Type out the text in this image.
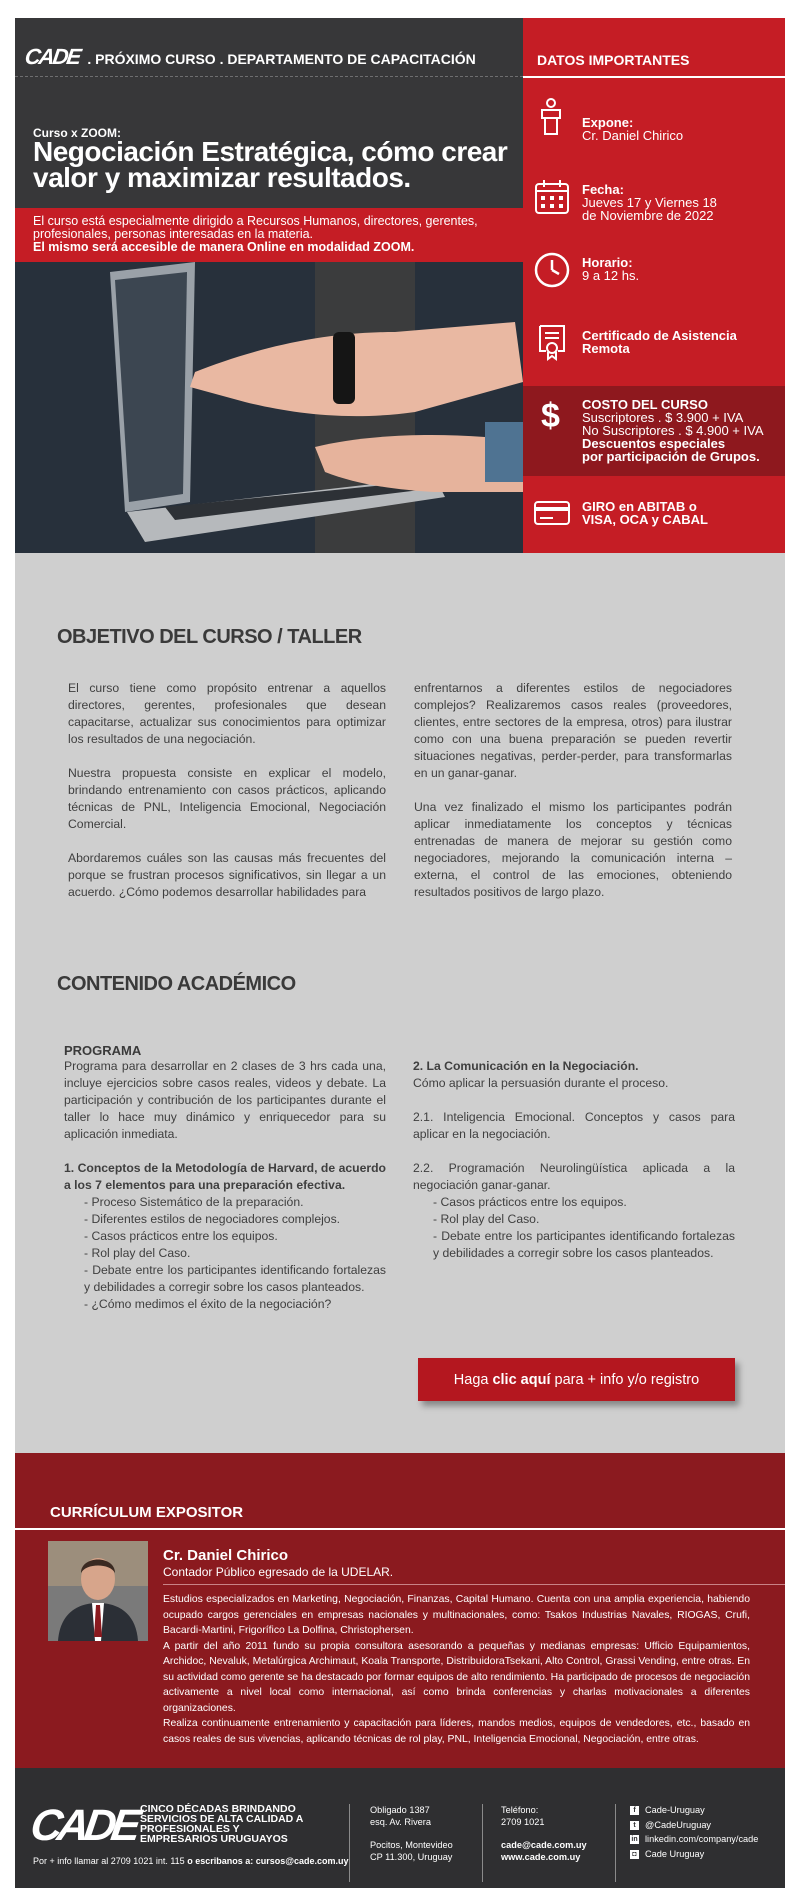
CADE . PRÓXIMO CURSO . DEPARTAMENTO DE CAPACITACIÓN
Curso x ZOOM:
Negociación Estratégica, cómo crear valor y maximizar resultados.

El curso está especialmente dirigido a Recursos Humanos, directores, gerentes, profesionales, personas interesadas en la materia.

El mismo será accesible de manera Online en modalidad ZOOM.

DATOS IMPORTANTES
Expone:
Cr. Daniel Chirico
Fecha:
Jueves 17 y Viernes 18
de Noviembre de 2022
Horario:
9 a 12 hs.
Certificado de Asistencia
Remota
$ COSTO DEL CURSO
Suscriptores . $ 3.900 + IVA
No Suscriptores . $ 4.900 + IVA
Descuentos especiales
por participación de Grupos.
GIRO en ABITAB o
VISA, OCA y CABAL
OBJETIVO DEL CURSO / TALLER

El curso tiene como propósito entrenar a aquellos directores, gerentes, profesionales que desean capacitarse, actualizar sus conocimientos para optimizar los resultados de una negociación.

Nuestra propuesta consiste en explicar el modelo, brindando entrenamiento con casos prácticos, aplicando técnicas de PNL, Inteligencia Emocional, Negociación Comercial.

Abordaremos cuáles son las causas más frecuentes del porque se frustran procesos significativos, sin llegar a un acuerdo. ¿Cómo podemos desarrollar habilidades para

enfrentarnos a diferentes estilos de negociadores complejos? Realizaremos casos reales (proveedores, clientes, entre sectores de la empresa, otros) para ilustrar como con una buena preparación se pueden revertir situaciones negativas, perder-perder, para transformarlas en un ganar-ganar.

Una vez finalizado el mismo los participantes podrán aplicar inmediatamente los conceptos y técnicas entrenadas de manera de mejorar su gestión como negociadores, mejorando la comunicación interna –externa, el control de las emociones, obteniendo resultados positivos de largo plazo.

CONTENIDO ACADÉMICO
PROGRAMA

Programa para desarrollar en 2 clases de 3 hrs cada una, incluye ejercicios sobre casos reales, videos y debate. La participación y contribución de los participantes durante el taller lo hace muy dinámico y enriquecedor para su aplicación inmediata.

1. Conceptos de la Metodología de Harvard, de acuerdo a los 7 elementos para una preparación efectiva.

- Proceso Sistemático de la preparación.
- Diferentes estilos de negociadores complejos.
- Casos prácticos entre los equipos.
- Rol play del Caso.
- Debate entre los participantes identificando fortalezas y debilidades a corregir sobre los casos planteados.
- ¿Cómo medimos el éxito de la negociación?

2. La Comunicación en la Negociación.

Cómo aplicar la persuasión durante el proceso.

2.1. Inteligencia Emocional. Conceptos y casos para aplicar en la negociación.

2.2. Programación Neurolingüística aplicada a la negociación ganar-ganar.

- Casos prácticos entre los equipos.
- Rol play del Caso.
- Debate entre los participantes identificando fortalezas y debilidades a corregir sobre los casos planteados.
Haga clic aquí para + info y/o registro
CURRÍCULUM EXPOSITOR
Cr. Daniel Chirico
Contador Público egresado de la UDELAR.

Estudios especializados en Marketing, Negociación, Finanzas, Capital Humano. Cuenta con una amplia experiencia, habiendo ocupado cargos gerenciales en empresas nacionales y multinacionales, como: Tsakos Industrias Navales, RIOGAS, Crufi, Bacardi-Martini, Frigorífico La Dolfina, Christophersen.

A partir del año 2011 fundo su propia consultora asesorando a pequeñas y medianas empresas: Ufficio Equipamientos, Archidoc, Nevaluk, Metalúrgica Archimaut, Koala Transporte, DistribuidoraTsekani, Alto Control, Grassi Vending, entre otras. En su actividad como gerente se ha destacado por formar equipos de alto rendimiento. Ha participado de procesos de negociación activamente a nivel local como internacional, así como brinda conferencias y charlas motivacionales a diferentes organizaciones.

Realiza continuamente entrenamiento y capacitación para líderes, mandos medios, equipos de vendedores, etc., basado en casos reales de sus vivencias, aplicando técnicas de rol play, PNL, Inteligencia Emocional, Negociación, entre otras.

CADE CINCO DÉCADAS BRINDANDO SERVICIOS DE ALTA CALIDAD A PROFESIONALES Y EMPRESARIOS URUGUAYOS
Por + info llamar al 2709 1021 int. 115 o escribanos a: cursos@cade.com.uy

Obligado 1387

esq. Av. Rivera

Pocitos, Montevideo

CP 11.300, Uruguay

Teléfono:

2709 1021

cade@cade.com.uy

www.cade.com.uy

f	Cade-Uruguay
t	@CadeUruguay
in linkedin.com/company/cade
◘ Cade Uruguay
